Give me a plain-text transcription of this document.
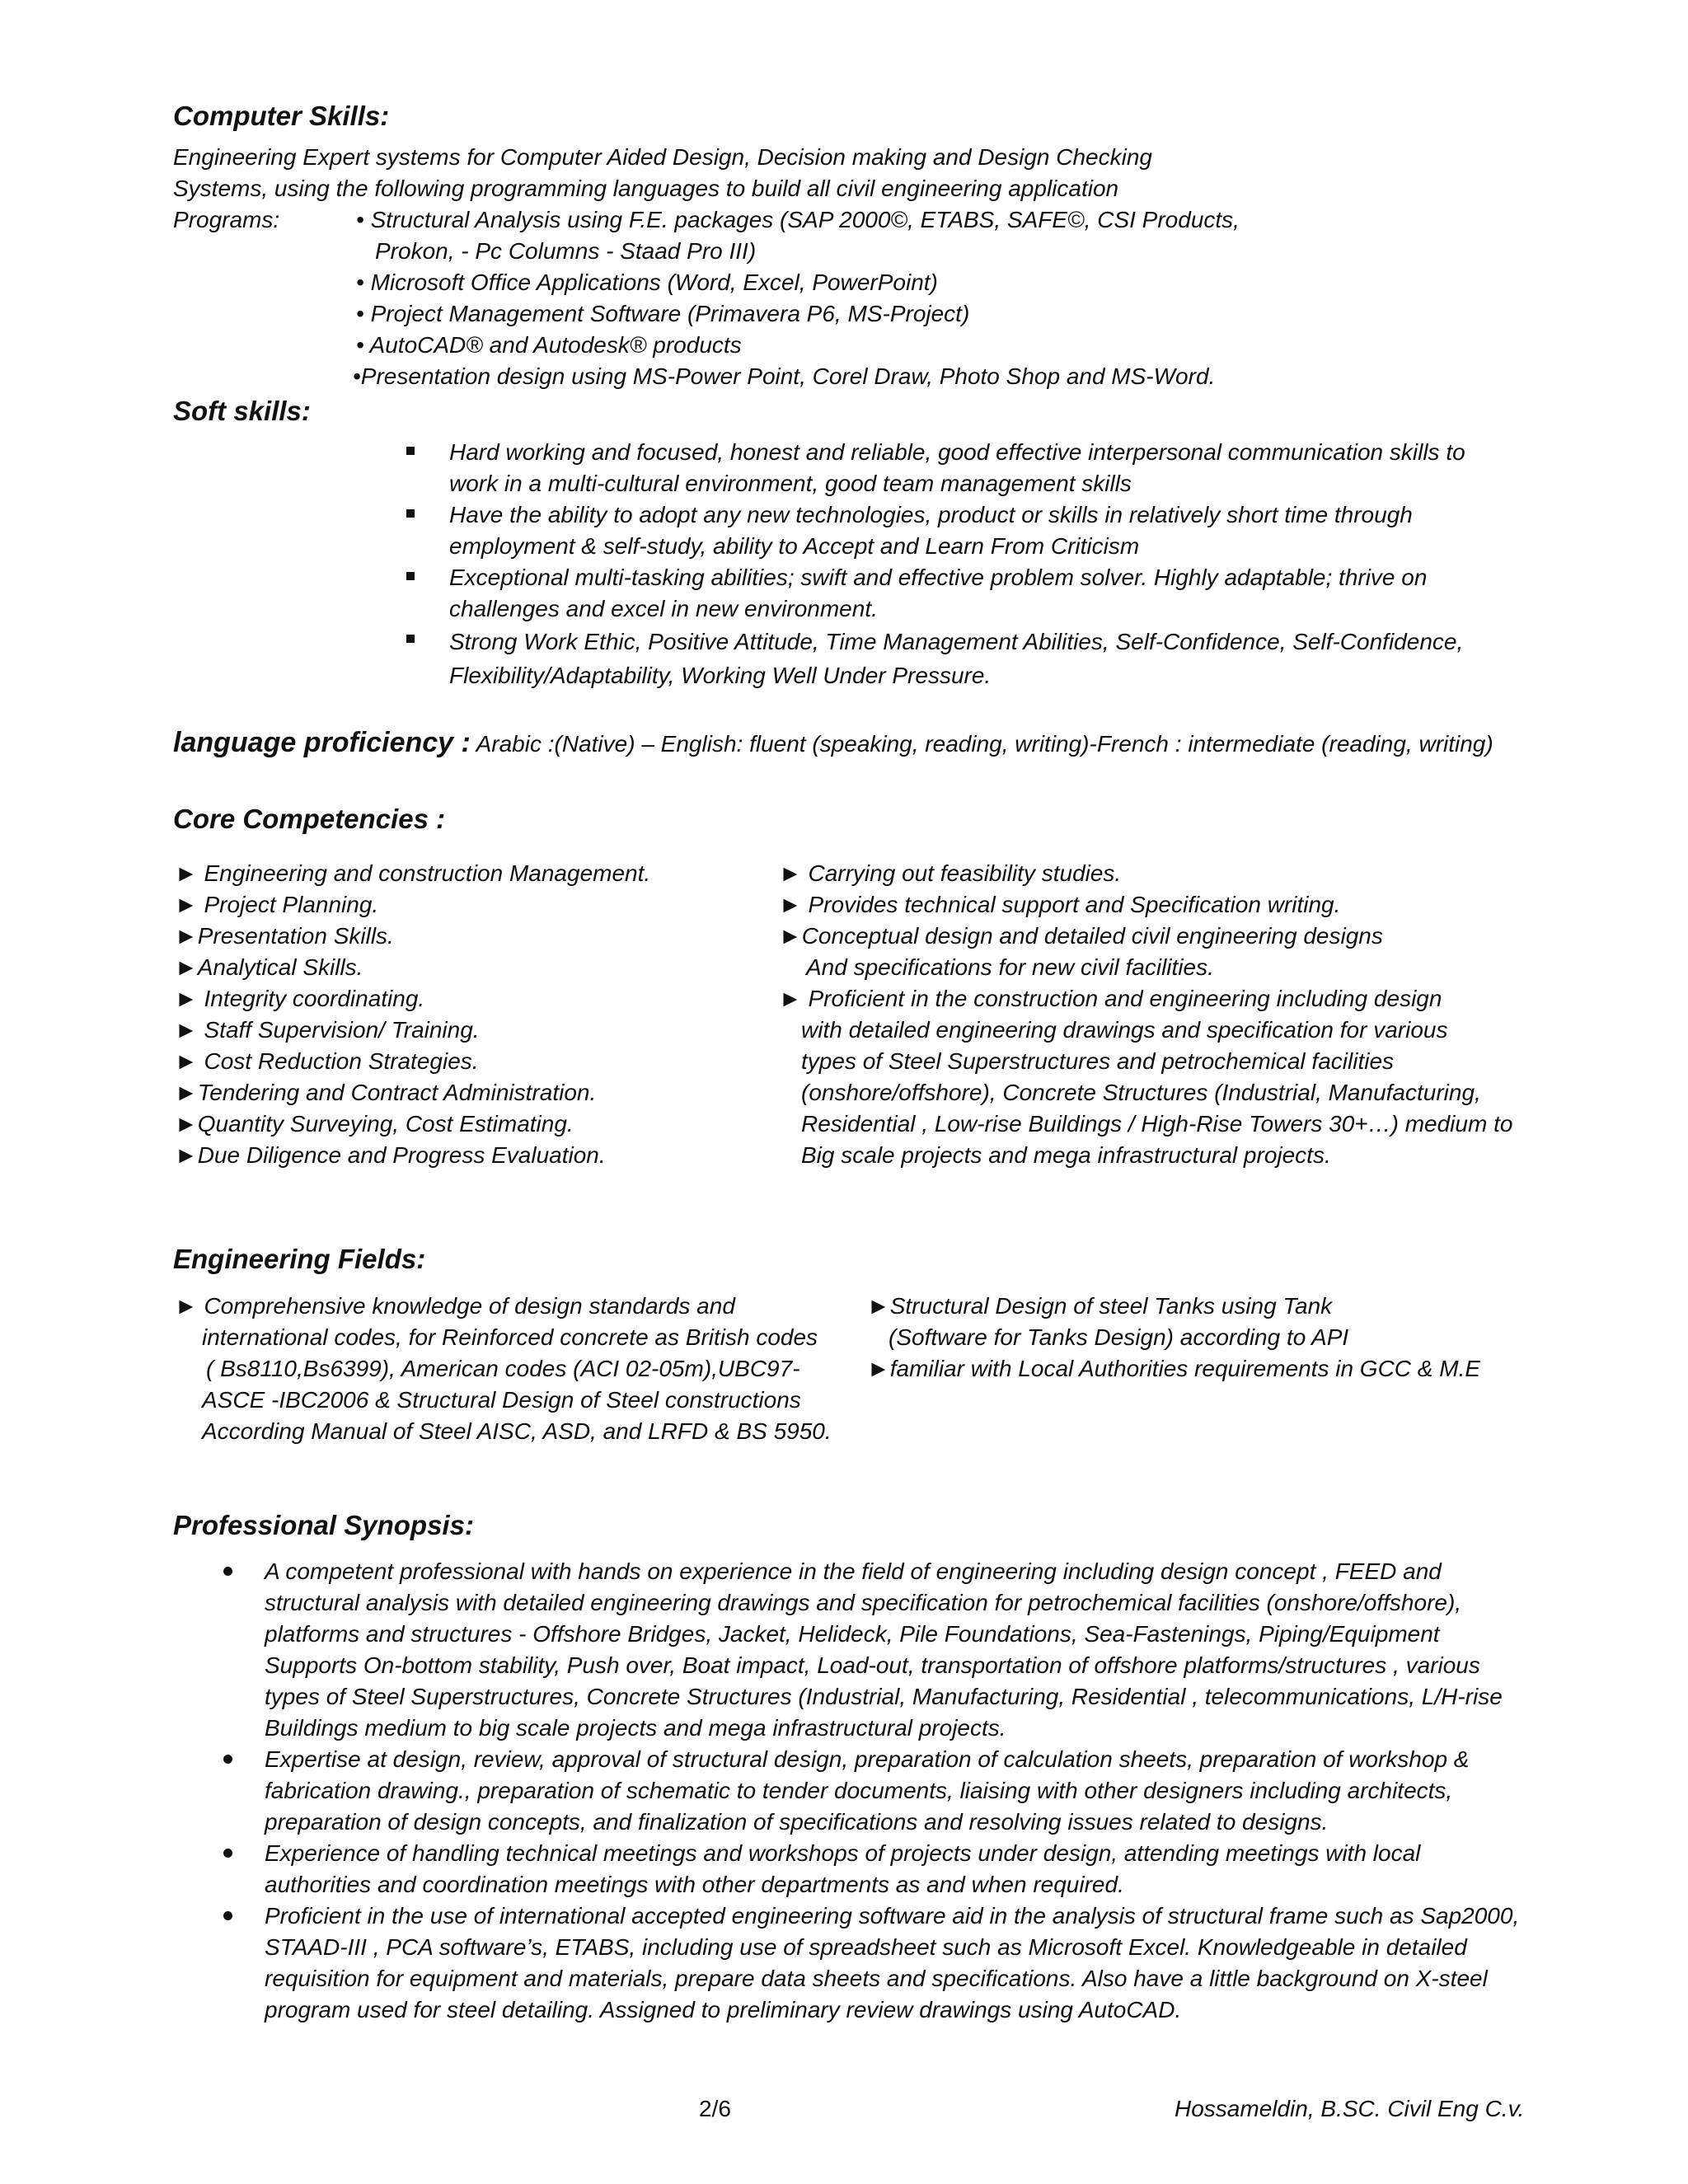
Computer Skills:
Engineering Expert systems for Computer Aided Design, Decision making and Design Checking
Systems, using the following programming languages to build all civil engineering application
Programs:	• Structural Analysis using F.E. packages (SAP 2000©, ETABS, SAFE©, CSI Products,
Prokon, - Pc Columns - Staad Pro III)
• Microsoft Office Applications (Word, Excel, PowerPoint)
• Project Management Software (Primavera P6, MS-Project)
• AutoCAD® and Autodesk® products
•Presentation design using MS-Power Point, Corel Draw, Photo Shop and MS-Word.
Soft skills:
Hard working and focused, honest and reliable, good effective interpersonal communication skills to work in a multi-cultural environment, good team management skills
Have the ability to adopt any new technologies, product or skills in relatively short time through employment & self-study, ability to Accept and Learn From Criticism
Exceptional multi-tasking abilities; swift and effective problem solver. Highly adaptable; thrive on challenges and excel in new environment.
Strong Work Ethic, Positive Attitude, Time Management Abilities, Self-Confidence, Self-Confidence, Flexibility/Adaptability, Working Well Under Pressure.
language proficiency : Arabic :(Native) – English: fluent (speaking, reading, writing)-French : intermediate (reading, writing)
Core Competencies :
► Engineering and construction Management.
► Project Planning.
►Presentation Skills.
►Analytical Skills.
► Integrity coordinating.
► Staff Supervision/ Training.
► Cost Reduction Strategies.
►Tendering and Contract Administration.
►Quantity Surveying, Cost Estimating.
►Due Diligence and Progress Evaluation.
► Carrying out feasibility studies.
► Provides technical support and Specification writing.
►Conceptual design and detailed civil engineering designs
And specifications for new civil facilities.
► Proficient in the construction and engineering including design
with detailed engineering drawings and specification for various
types of Steel Superstructures and petrochemical facilities
(onshore/offshore), Concrete Structures (Industrial, Manufacturing,
Residential , Low-rise Buildings / High-Rise Towers 30+…) medium to
Big scale projects and mega infrastructural projects.
Engineering Fields:
► Comprehensive knowledge of design standards and
international codes, for Reinforced concrete as British codes
( Bs8110,Bs6399), American codes (ACI 02-05m),UBC97-
ASCE -IBC2006 & Structural Design of Steel constructions
According Manual of Steel AISC, ASD, and LRFD & BS 5950.
►Structural Design of steel Tanks using Tank
(Software for Tanks Design) according to API
►familiar with Local Authorities requirements in GCC & M.E
Professional Synopsis:
A competent professional with hands on experience in the field of engineering including design concept , FEED and structural analysis with detailed engineering drawings and specification for petrochemical facilities (onshore/offshore), platforms and structures - Offshore Bridges, Jacket, Helideck, Pile Foundations, Sea-Fastenings, Piping/Equipment Supports On-bottom stability, Push over, Boat impact, Load-out, transportation of offshore platforms/structures , various types of Steel Superstructures, Concrete Structures (Industrial, Manufacturing, Residential , telecommunications, L/H-rise Buildings medium to big scale projects and mega infrastructural projects.
Expertise at design, review, approval of structural design, preparation of calculation sheets, preparation of workshop & fabrication drawing., preparation of schematic to tender documents, liaising with other designers including architects, preparation of design concepts, and finalization of specifications and resolving issues related to designs.
Experience of handling technical meetings and workshops of projects under design, attending meetings with local authorities and coordination meetings with other departments as and when required.
Proficient in the use of international accepted engineering software aid in the analysis of structural frame such as Sap2000, STAAD-III , PCA software’s, ETABS, including use of spreadsheet such as Microsoft Excel. Knowledgeable in detailed requisition for equipment and materials, prepare data sheets and specifications. Also have a little background on X-steel program used for steel detailing. Assigned to preliminary review drawings using AutoCAD.
2/6	Hossameldin, B.SC. Civil Eng C.v.
